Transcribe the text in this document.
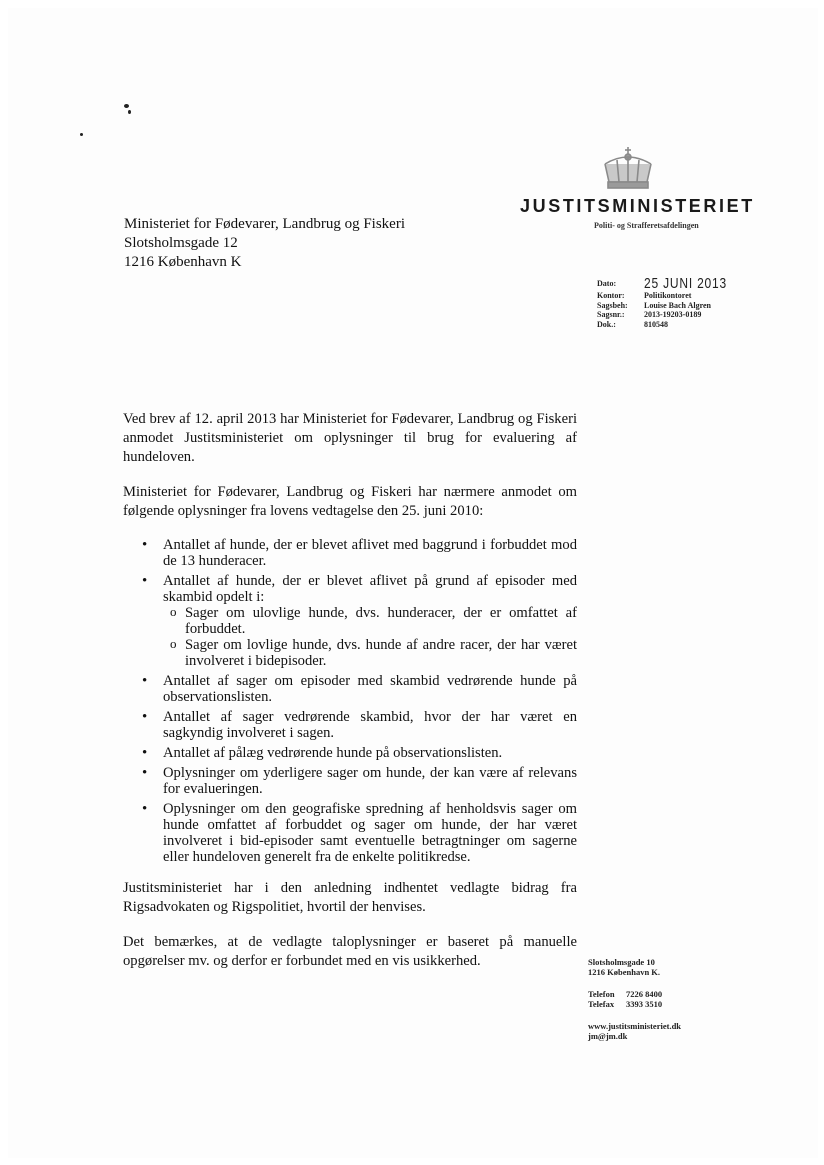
JUSTITSMINISTERIET
Politi- og Strafferetsafdelingen
Ministeriet for Fødevarer, Landbrug og Fiskeri
Slotsholmsgade 12
1216 København K
Dato:	25 JUNI 2013
Kontor:	Politikontoret
Sagsbeh:	Louise Bach Algren
Sagsnr.:	2013-19203-0189
Dok.:	810548

Ved brev af 12. april 2013 har Ministeriet for Fødevarer, Landbrug og Fiskeri anmodet Justitsministeriet om oplysninger til brug for evaluering af hundeloven.

Ministeriet for Fødevarer, Landbrug og Fiskeri har nærmere anmodet om følgende oplysninger fra lovens vedtagelse den 25. juni 2010:

• Antallet af hunde, der er blevet aflivet med baggrund i forbuddet mod de 13 hunderacer.
• Antallet af hunde, der er blevet aflivet på grund af episoder med skambid opdelt i:
o Sager om ulovlige hunde, dvs. hunderacer, der er omfattet af forbuddet.
o Sager om lovlige hunde, dvs. hunde af andre racer, der har været involveret i bidepisoder.
• Antallet af sager om episoder med skambid vedrørende hunde på observationslisten.
• Antallet af sager vedrørende skambid, hvor der har været en sagkyndig involveret i sagen.
• Antallet af pålæg vedrørende hunde på observationslisten.
• Oplysninger om yderligere sager om hunde, der kan være af relevans for evalueringen.
• Oplysninger om den geografiske spredning af henholdsvis sager om hunde omfattet af forbuddet og sager om hunde, der har været involveret i bid-episoder samt eventuelle betragtninger om sagerne eller hundeloven generelt fra de enkelte politikredse.

Justitsministeriet har i den anledning indhentet vedlagte bidrag fra Rigsadvokaten og Rigspolitiet, hvortil der henvises.

Det bemærkes, at de vedlagte taloplysninger er baseret på manuelle opgørelser mv. og derfor er forbundet med en vis usikkerhed.	Slotsholmsgade 10
1216 København K.
Telefon	7226 8400
Telefax	3393 3510
www.justitsministeriet.dk
jm@jm.dk
